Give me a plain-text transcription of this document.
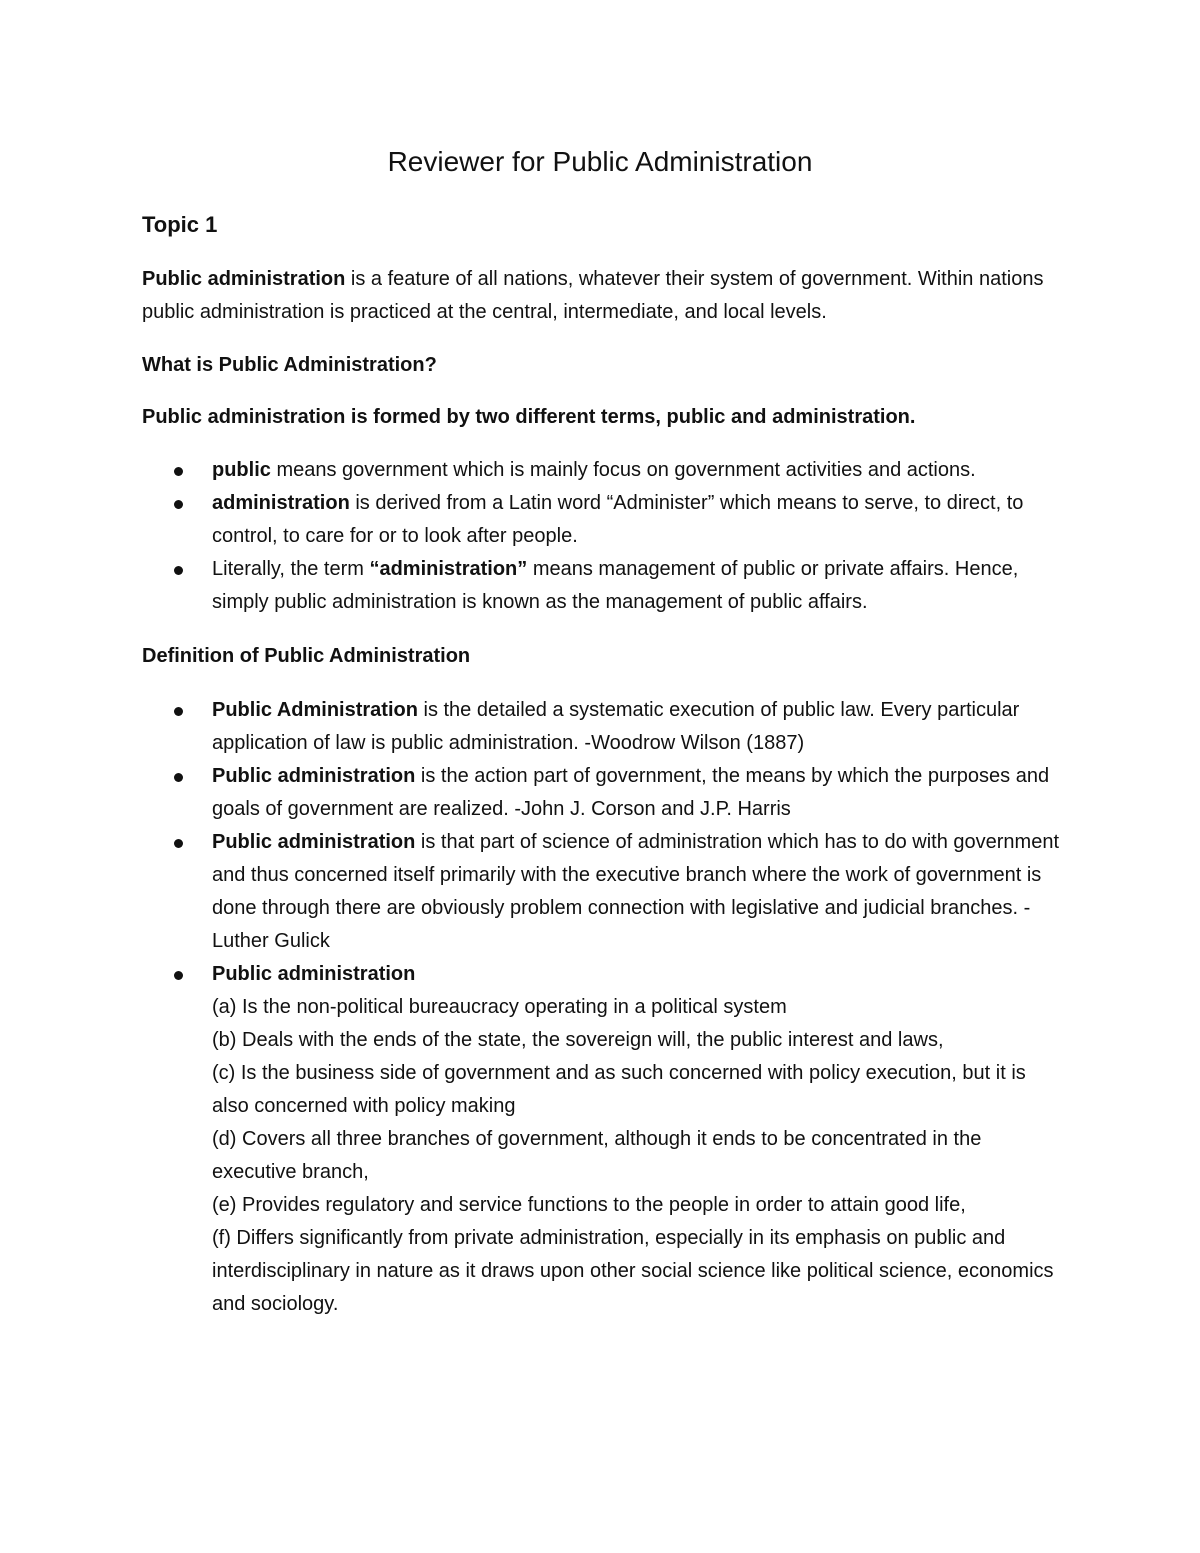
Reviewer for Public Administration

Topic 1

Public administration is a feature of all nations, whatever their system of government. Within nations public administration is practiced at the central, intermediate, and local levels.

What is Public Administration?

Public administration is formed by two different terms, public and administration.

public means government which is mainly focus on government activities and actions.
administration is derived from a Latin word “Administer” which means to serve, to direct, to control, to care for or to look after people.
Literally, the term “administration” means management of public or private affairs. Hence, simply public administration is known as the management of public affairs.

Definition of Public Administration

Public Administration is the detailed a systematic execution of public law. Every particular application of law is public administration. -Woodrow Wilson (1887)
Public administration is the action part of government, the means by which the purposes and goals of government are realized. -John J. Corson and J.P. Harris
Public administration is that part of science of administration which has to do with government and thus concerned itself primarily with the executive branch where the work of government is done through there are obviously problem connection with legislative and judicial branches. -Luther Gulick
Public administration
(a) Is the non-political bureaucracy operating in a political system
(b) Deals with the ends of the state, the sovereign will, the public interest and laws,
(c) Is the business side of government and as such concerned with policy execution, but it is also concerned with policy making
(d) Covers all three branches of government, although it ends to be concentrated in the executive branch,
(e) Provides regulatory and service functions to the people in order to attain good life,
(f) Differs significantly from private administration, especially in its emphasis on public and interdisciplinary in nature as it draws upon other social science like political science, economics and sociology.
